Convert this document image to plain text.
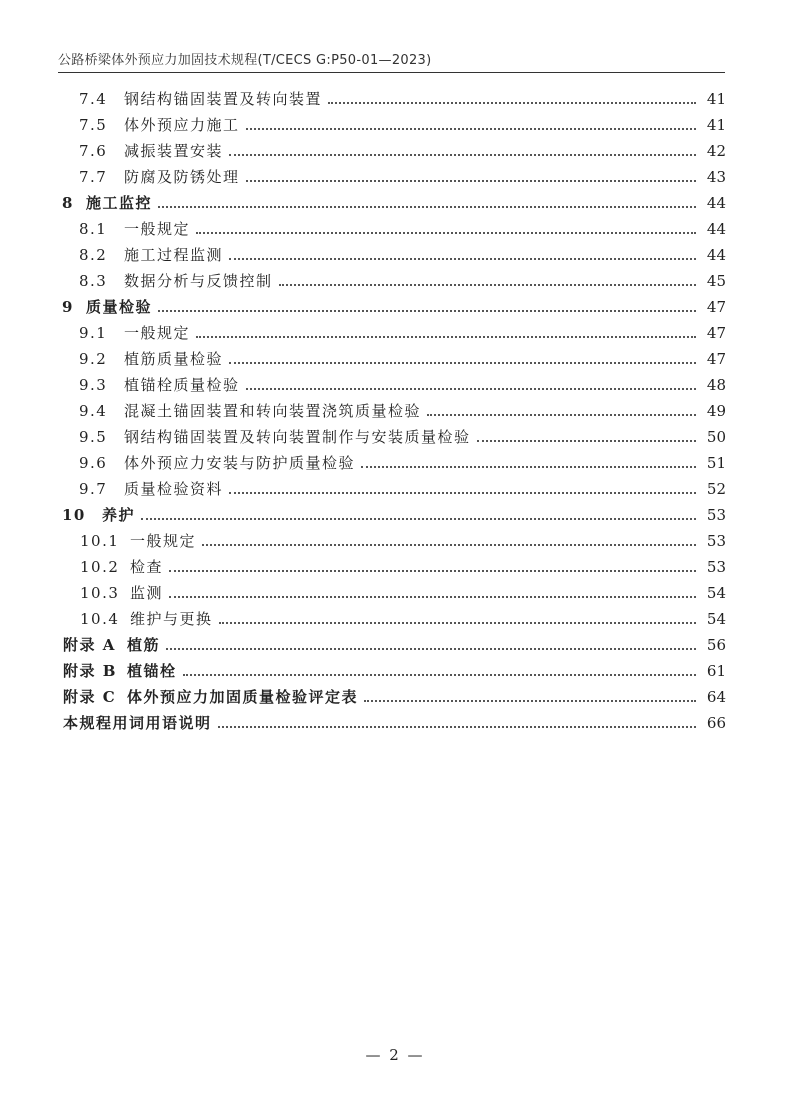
公路桥梁体外预应力加固技术规程(T/CECS G:P50-01—2023)
7.4	钢结构锚固装置及转向装置	41
7.5	体外预应力施工	41
7.6	减振装置安装	42
7.7	防腐及防锈处理	43
8 施工监控	44
8.1	一般规定	44
8.2	施工过程监测	44
8.3	数据分析与反馈控制	45
9 质量检验	47
9.1	一般规定	47
9.2	植筋质量检验	47
9.3	植锚栓质量检验	48
9.4	混凝土锚固装置和转向装置浇筑质量检验	49
9.5	钢结构锚固装置及转向装置制作与安装质量检验	50
9.6	体外预应力安装与防护质量检验	51
9.7	质量检验资料	52
10	养护	53
10.1 一般规定	53
10.2 检查	53
10.3 监测	54
10.4 维护与更换	54
附录 A 植筋	56
附录 B 植锚栓	61
附录 C 体外预应力加固质量检验评定表	64
本规程用词用语说明	66
— 2 —
